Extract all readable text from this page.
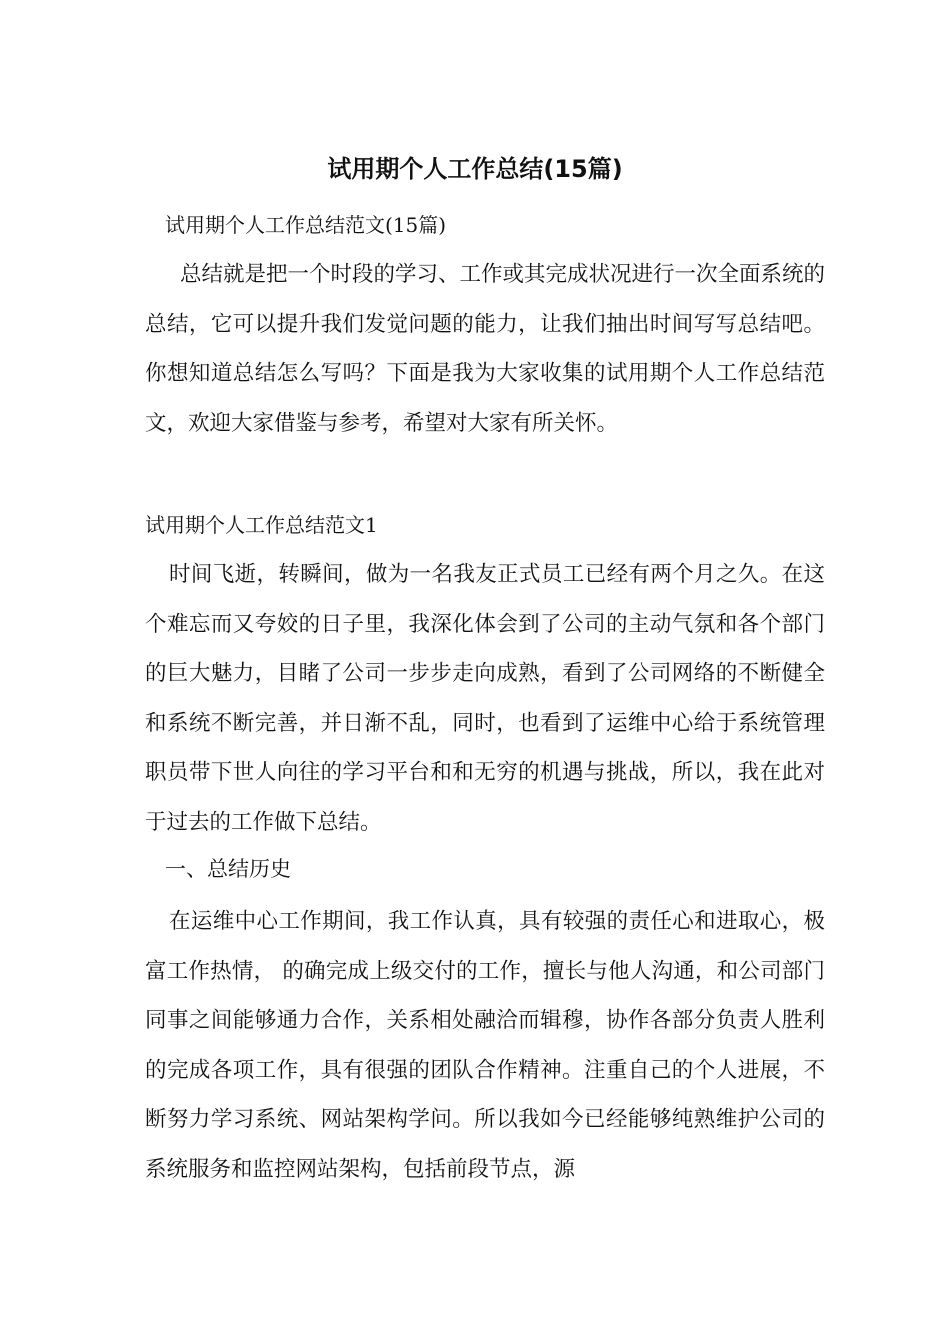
试用期个人工作总结(15篇)
试用期个人工作总结范文(15篇)
总结就是把一个时段的学习、工作或其完成状况进行一次全面系统的总结，它可以提升我们发觉问题的能力，让我们抽出时间写写总结吧。你想知道总结怎么写吗？下面是我为大家收集的试用期个人工作总结范文，欢迎大家借鉴与参考，希望对大家有所关怀。
试用期个人工作总结范文1
时间飞逝，转瞬间，做为一名我友正式员工已经有两个月之久。在这个难忘而又夸姣的日子里，我深化体会到了公司的主动气氛和各个部门的巨大魅力，目睹了公司一步步走向成熟，看到了公司网络的不断健全和系统不断完善，并日渐不乱，同时，也看到了运维中心给于系统管理职员带下世人向往的学习平台和和无穷的机遇与挑战，所以，我在此对于过去的工作做下总结。
一、总结历史
在运维中心工作期间，我工作认真，具有较强的责任心和进取心，极富工作热情， 的确完成上级交付的工作，擅长与他人沟通，和公司部门同事之间能够通力合作，关系相处融洽而辑穆，协作各部分负责人胜利的完成各项工作，具有很强的团队合作精神。注重自己的个人进展，不断努力学习系统、网站架构学问。所以我如今已经能够纯熟维护公司的系统服务和监控网站架构，包括前段节点，源
